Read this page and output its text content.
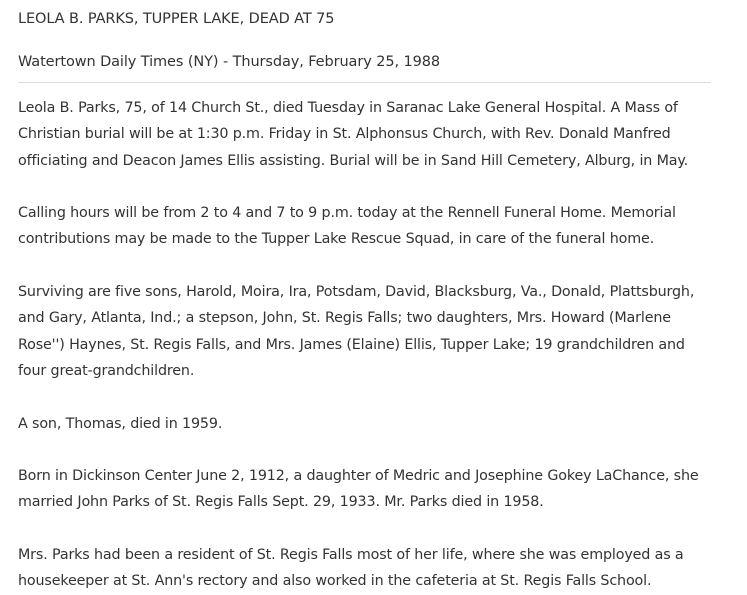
LEOLA B. PARKS, TUPPER LAKE, DEAD AT 75
Watertown Daily Times (NY) - Thursday, February 25, 1988

Leola B. Parks, 75, of 14 Church St., died Tuesday in Saranac Lake General Hospital. A Mass of Christian burial will be at 1:30 p.m. Friday in St. Alphonsus Church, with Rev. Donald Manfred officiating and Deacon James Ellis assisting. Burial will be in Sand Hill Cemetery, Alburg, in May.

Calling hours will be from 2 to 4 and 7 to 9 p.m. today at the Rennell Funeral Home. Memorial contributions may be made to the Tupper Lake Rescue Squad, in care of the funeral home.

Surviving are five sons, Harold, Moira, Ira, Potsdam, David, Blacksburg, Va., Donald, Plattsburgh, and Gary, Atlanta, Ind.; a stepson, John, St. Regis Falls; two daughters, Mrs. Howard (Marlene Rose'') Haynes, St. Regis Falls, and Mrs. James (Elaine) Ellis, Tupper Lake; 19 grandchildren and four great-grandchildren.

A son, Thomas, died in 1959.

Born in Dickinson Center June 2, 1912, a daughter of Medric and Josephine Gokey LaChance, she married John Parks of St. Regis Falls Sept. 29, 1933. Mr. Parks died in 1958.

Mrs. Parks had been a resident of St. Regis Falls most of her life, where she was employed as a housekeeper at St. Ann's rectory and also worked in the cafeteria at St. Regis Falls School.
